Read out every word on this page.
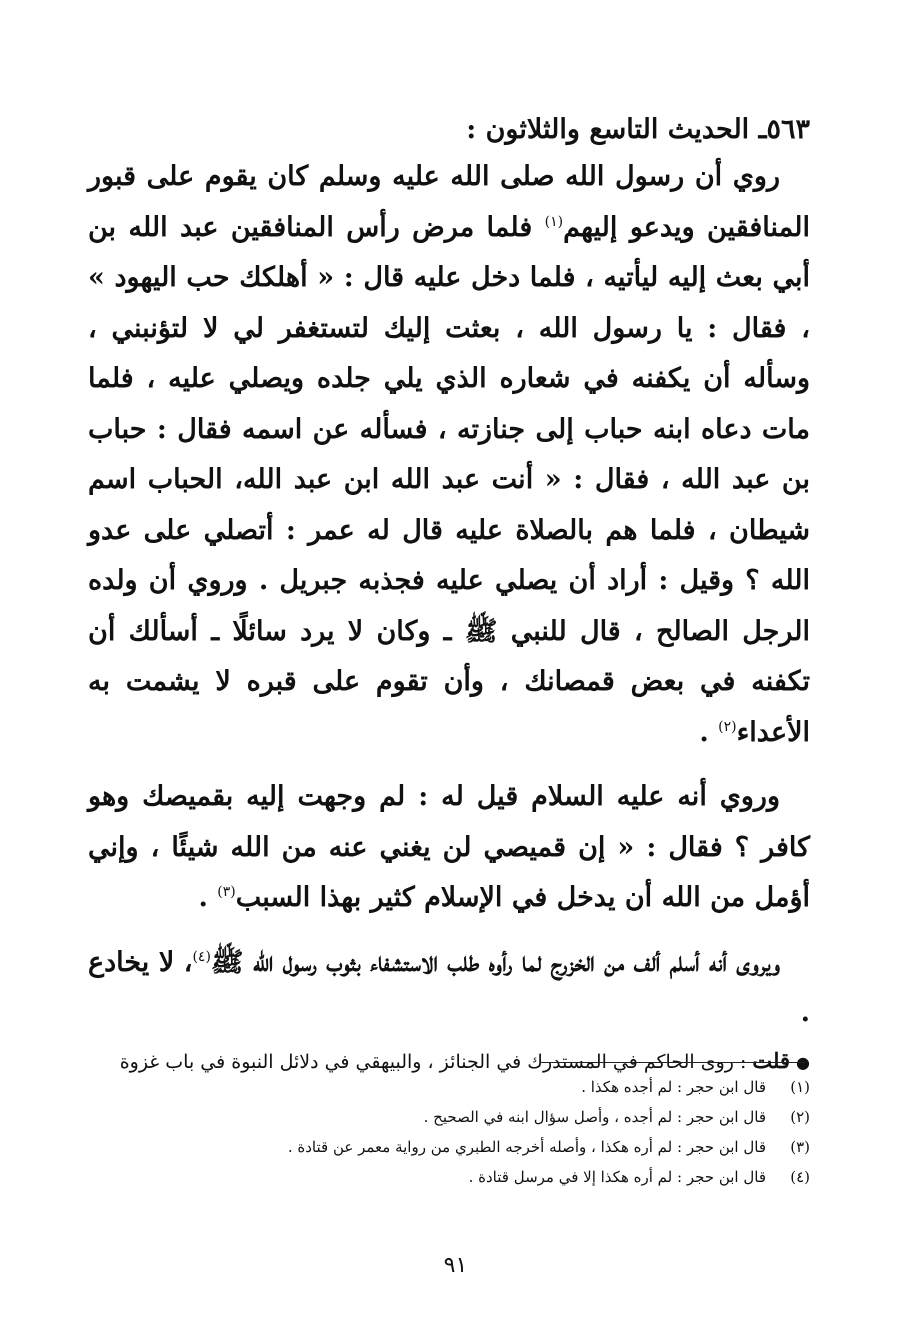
٥٦٣ـ الحديث التاسع والثلاثون :

روي أن رسول الله صلى الله عليه وسلم كان يقوم على قبور المنافقين ويدعو إليهم$^{(١)}$ فلما مرض رأس المنافقين عبد الله بن أبي بعث إليه ليأتيه ، فلما دخل عليه قال : « أهلكك حب اليهود » ، فقال : يا رسول الله ، بعثت إليك لتستغفر لي لا لتؤنبني ، وسأله أن يكفنه في شعاره الذي يلي جلده ويصلي عليه ، فلما مات دعاه ابنه حباب إلى جنازته ، فسأله عن اسمه فقال : حباب بن عبد الله ، فقال : « أنت عبد الله ابن عبد الله، الحباب اسم شيطان ، فلما هم بالصلاة عليه قال له عمر : أتصلي على عدو الله ؟ وقيل : أراد أن يصلي عليه فجذبه جبريل . وروي أن ولده الرجل الصالح ، قال للنبي ﷺ ـ وكان لا يرد سائلًا ـ أسألك أن تكفنه في بعض قمصانك ، وأن تقوم على قبره لا يشمت به الأعداء$^{(٢)}$ .

وروي أنه عليه السلام قيل له : لم وجهت إليه بقميصك وهو كافر ؟ فقال : « إن قميصي لن يغني عنه من الله شيئًا ، وإني أؤمل من الله أن يدخل في الإسلام كثير بهذا السبب$^{(٣)}$ .

ويروى أنه أسلم ألف من الخزرج لما رأوه طلب الاستشفاء بثوب رسول الله ﷺ$^{(٤)}$، لا يخادع .

●قلت : روى الحاكم في المستدرك في الجنائز ، والبيهقي في دلائل النبوة في باب غزوة

(١)قال ابن حجر : لم أجده هكذا .
(٢)قال ابن حجر : لم أجده ، وأصل سؤال ابنه في الصحيح .
(٣)قال ابن حجر : لم أره هكذا ، وأصله أخرجه الطبري من رواية معمر عن قتادة .
(٤)قال ابن حجر : لم أره هكذا إلا في مرسل قتادة .
٩١
